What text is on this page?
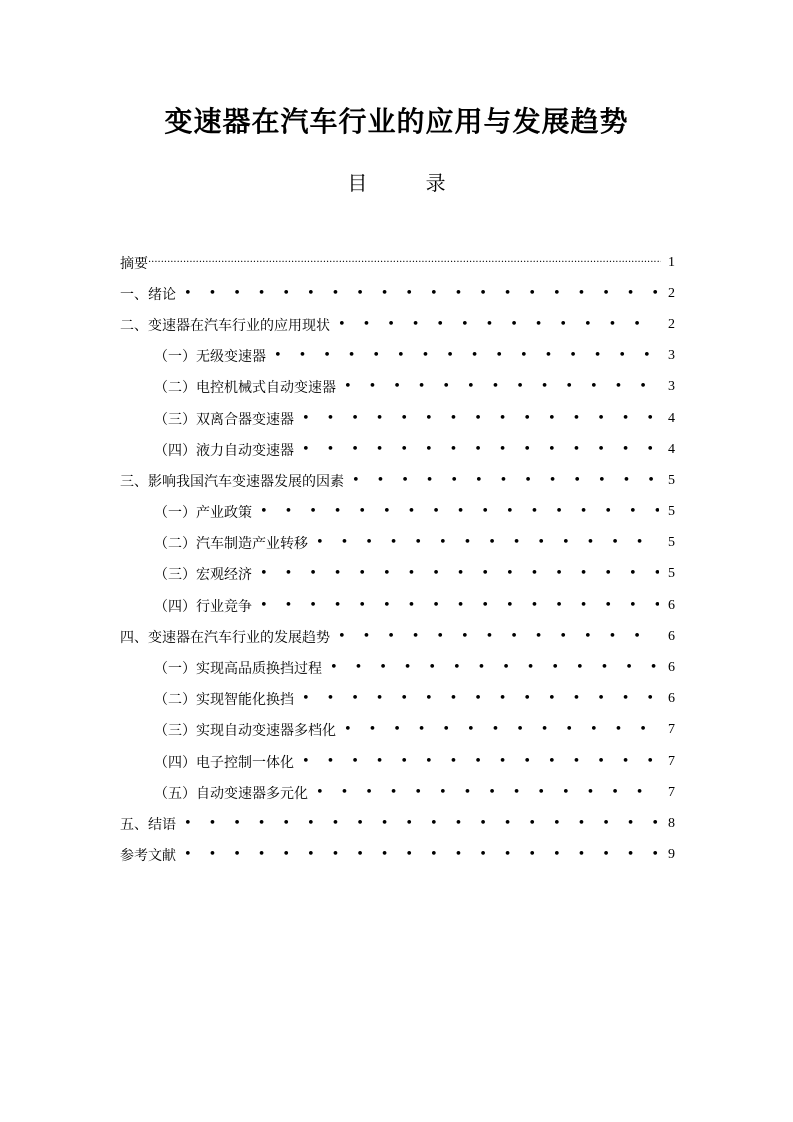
变速器在汽车行业的应用与发展趋势
目 录
摘要 ·····	1
一、绪论 • • •	2
二、变速器在汽车行业的应用现状 • • •	2
（一）无级变速器 • • •	3
（二）电控机械式自动变速器 • • •	3
（三）双离合器变速器 • • •	4
（四）液力自动变速器 • • •	4
三、影响我国汽车变速器发展的因素 • • •	5
（一）产业政策 • • •	5
（二）汽车制造产业转移 • • •	5
（三）宏观经济 • • •	5
（四）行业竞争 • • •	6
四、变速器在汽车行业的发展趋势 • • •	6
（一）实现高品质换挡过程 • • •	6
（二）实现智能化换挡 • • •	6
（三）实现自动变速器多档化 • • •	7
（四）电子控制一体化 • • •	7
（五）自动变速器多元化 • • •	7
五、结语 • • •	8
参考文献 • • •	9
